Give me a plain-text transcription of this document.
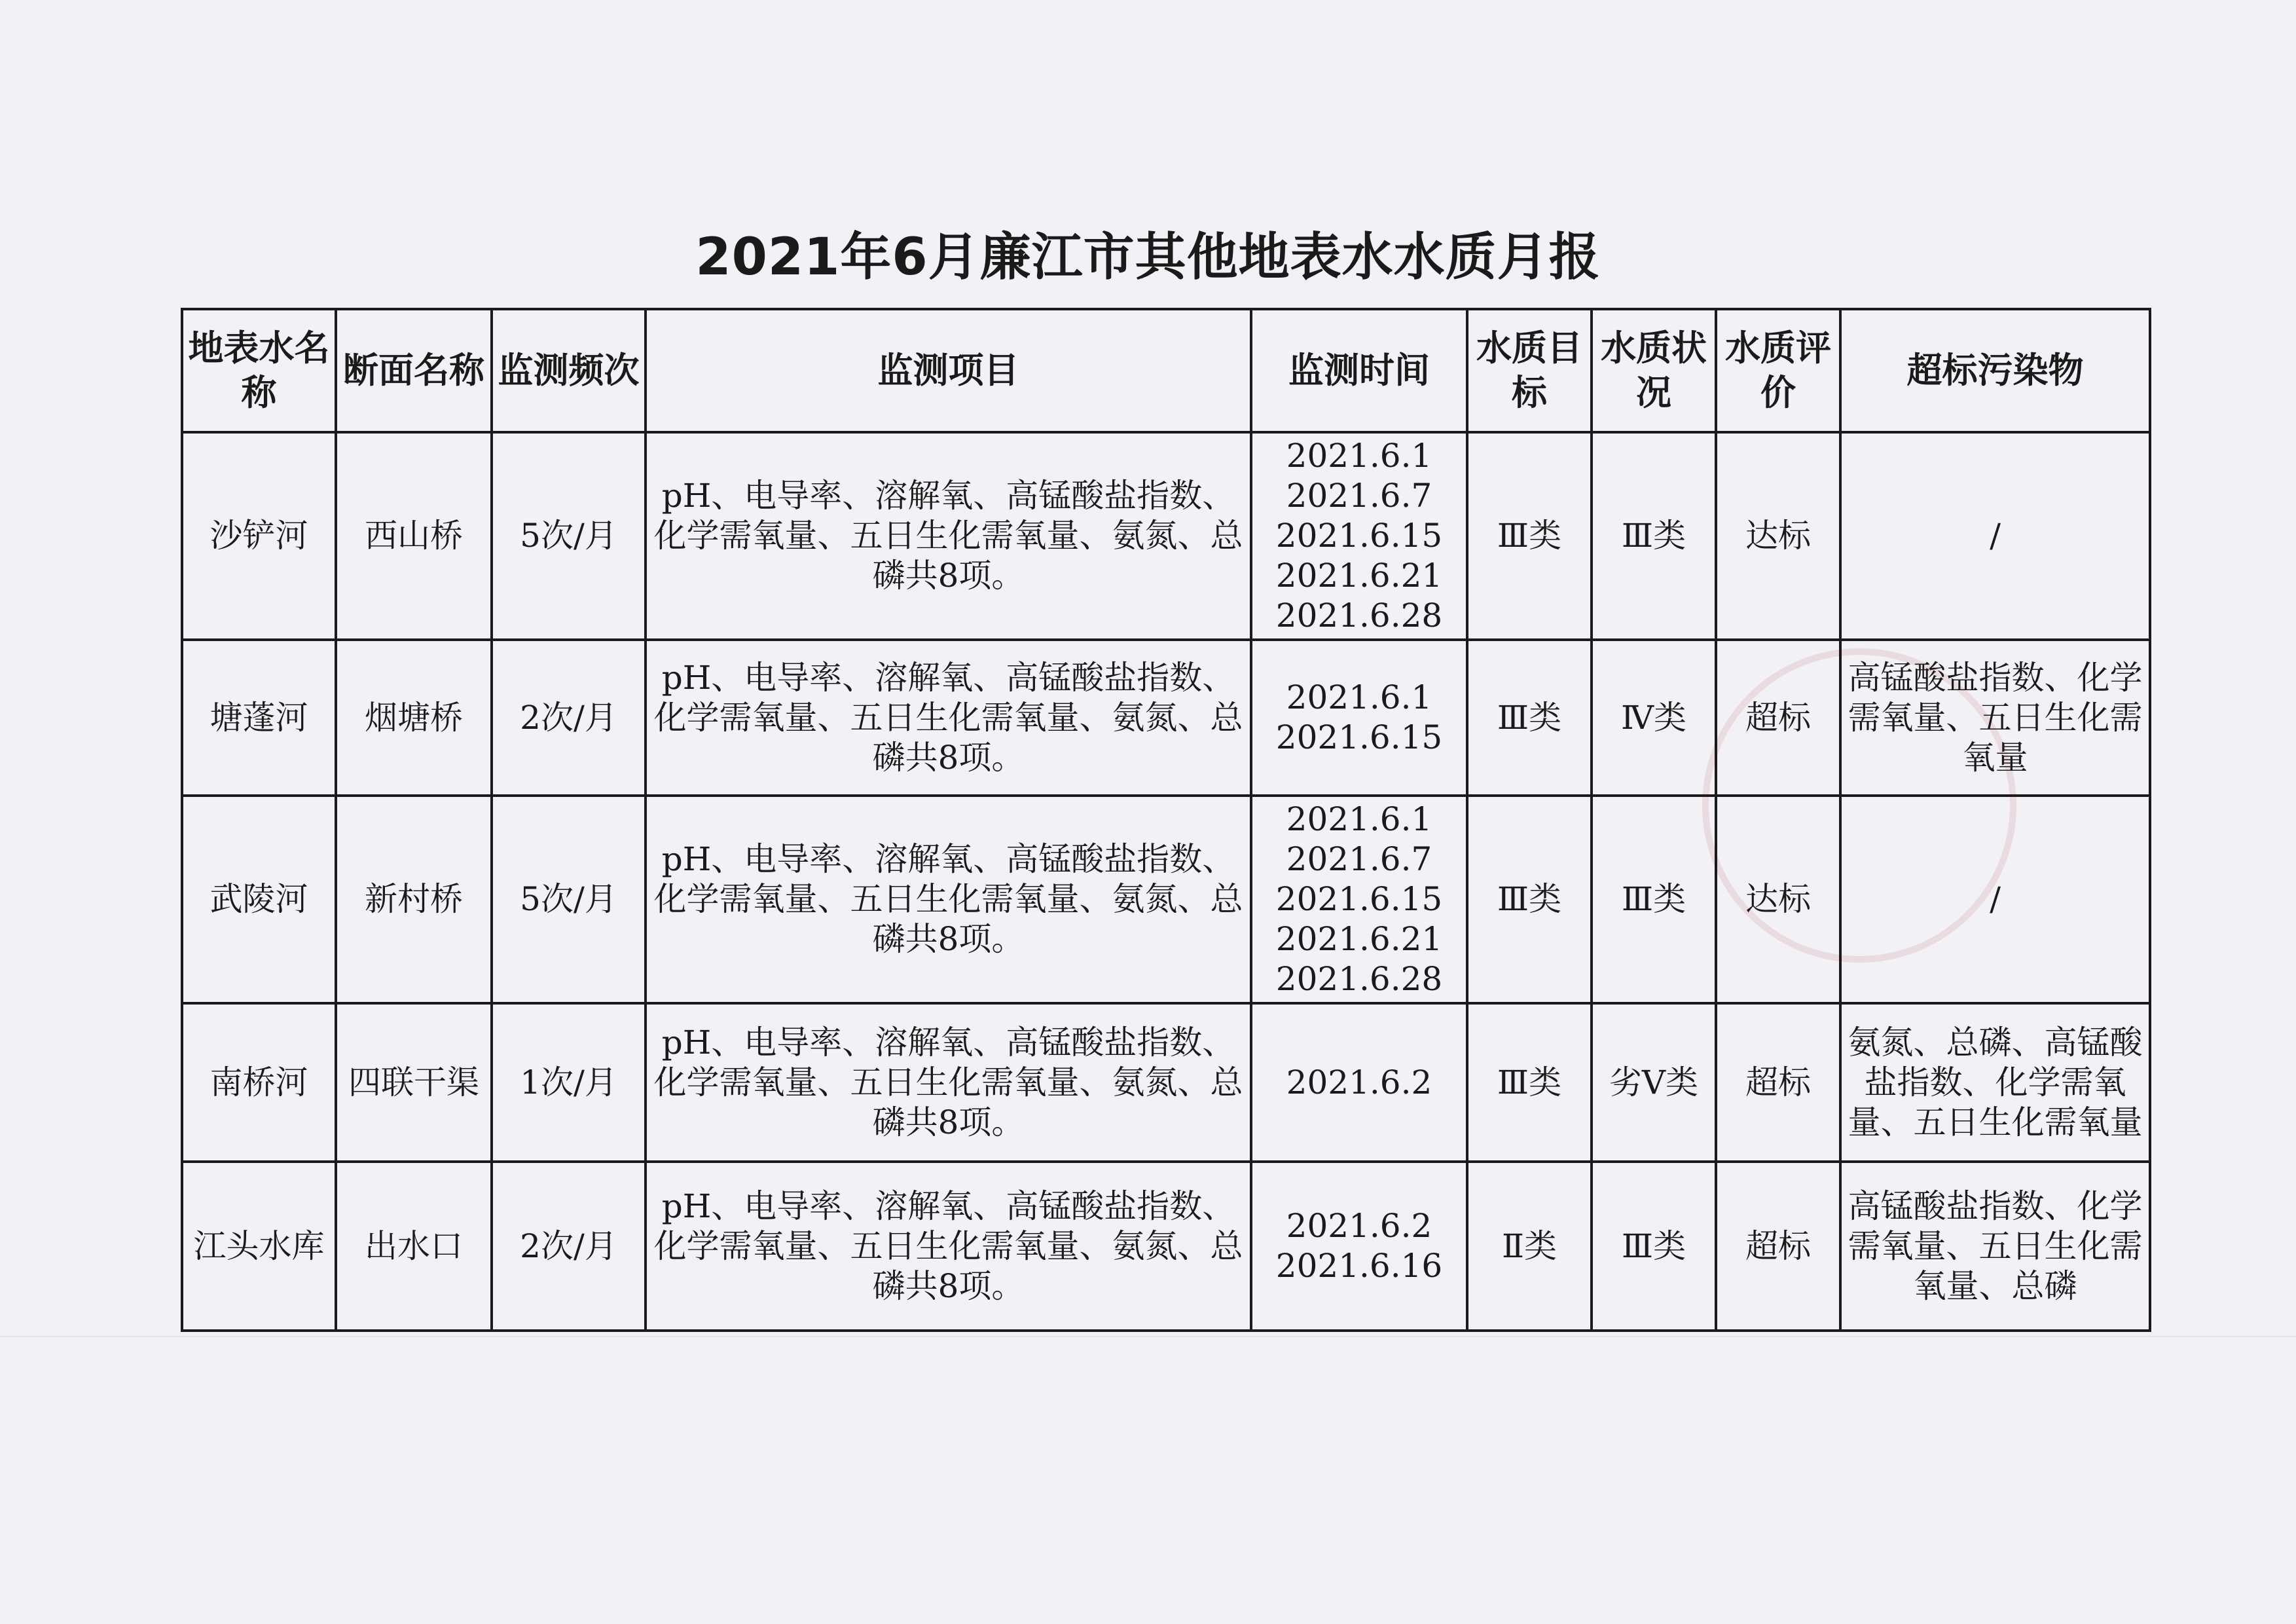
2021年6月廉江市其他地表水水质月报
地表水名称	断面名称	监测频次	监测项目	监测时间	水质目标	水质状况	水质评价	超标污染物
沙铲河	西山桥	5次/月	pH、电导率、溶解氧、高锰酸盐指数、化学需氧量、五日生化需氧量、氨氮、总磷共8项。	2021.6.1
2021.6.7
2021.6.15
2021.6.21
2021.6.28	Ⅲ类	Ⅲ类	达标	/
塘蓬河	烟塘桥	2次/月	pH、电导率、溶解氧、高锰酸盐指数、化学需氧量、五日生化需氧量、氨氮、总磷共8项。	2021.6.1
2021.6.15	Ⅲ类	Ⅳ类	超标	高锰酸盐指数、化学需氧量、五日生化需氧量
武陵河	新村桥	5次/月	pH、电导率、溶解氧、高锰酸盐指数、化学需氧量、五日生化需氧量、氨氮、总磷共8项。	2021.6.1
2021.6.7
2021.6.15
2021.6.21
2021.6.28	Ⅲ类	Ⅲ类	达标	/
南桥河	四联干渠	1次/月	pH、电导率、溶解氧、高锰酸盐指数、化学需氧量、五日生化需氧量、氨氮、总磷共8项。	2021.6.2	Ⅲ类	劣Ⅴ类	超标	氨氮、总磷、高锰酸盐指数、化学需氧量、五日生化需氧量
江头水库	出水口	2次/月	pH、电导率、溶解氧、高锰酸盐指数、化学需氧量、五日生化需氧量、氨氮、总磷共8项。	2021.6.2
2021.6.16	Ⅱ类	Ⅲ类	超标	高锰酸盐指数、化学需氧量、五日生化需氧量、总磷
